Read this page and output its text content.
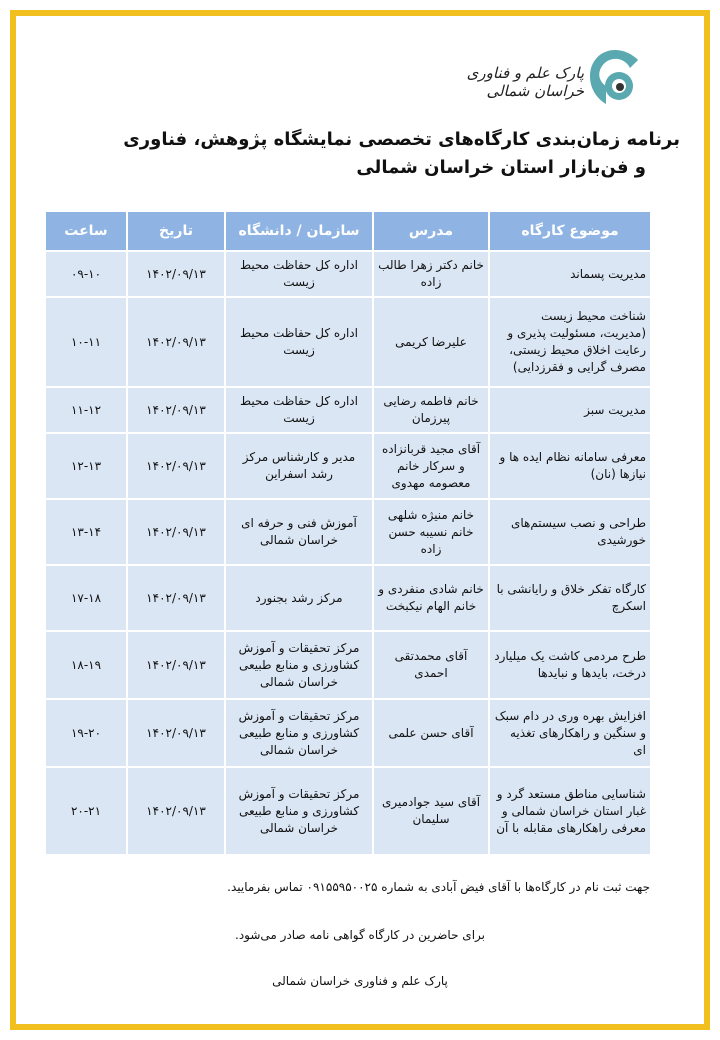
پارک علم و فناوری خراسان شمالی
برنامه زمان‌بندی کارگاه‌های تخصصی نمایشگاه پژوهش، فناوری
و فن‌بازار استان خراسان شمالی
موضوع کارگاه	مدرس	سازمان / دانشگاه	تاریخ	ساعت
مدیریت پسماند	خانم دکتر زهرا طالب زاده	اداره کل حفاظت محیط زیست	۱۴۰۲/۰۹/۱۳	۰۹-۱۰
شناخت محیط زیست (مدیریت، مسئولیت پذیری و رعایت اخلاق محیط زیستی، مصرف گرایی و فقرزدایی)	علیرضا کریمی	اداره کل حفاظت محیط زیست	۱۴۰۲/۰۹/۱۳	۱۰-۱۱
مدیریت سبز	خانم فاطمه رضایی پیرزمان	اداره کل حفاظت محیط زیست	۱۴۰۲/۰۹/۱۳	۱۱-۱۲
معرفی سامانه نظام ایده ها و نیازها (نان)	آقای مجید قربانزاده و سرکار خانم معصومه مهدوی	مدیر و کارشناس مرکز رشد اسفراین	۱۴۰۲/۰۹/۱۳	۱۲-۱۳
طراحی و نصب سیستم‌های خورشیدی	خانم منیژه شلهی خانم نسیبه حسن زاده	آموزش فنی و حرفه ای خراسان شمالی	۱۴۰۲/۰۹/۱۳	۱۳-۱۴
کارگاه تفکر خلاق و رایانشی با اسکرچ	خانم شادی منفردی و خانم الهام نیکبخت	مرکز رشد بجنورد	۱۴۰۲/۰۹/۱۳	۱۷-۱۸
طرح مردمی کاشت یک میلیارد درخت، بایدها و نبایدها	آقای محمدتقی احمدی	مرکز تحقیقات و آموزش کشاورزی و منابع طبیعی خراسان شمالی	۱۴۰۲/۰۹/۱۳	۱۸-۱۹
افزایش بهره وری در دام سبک و سنگین و راهکارهای تغذیه ای	آقای حسن علمی	مرکز تحقیقات و آموزش کشاورزی و منابع طبیعی خراسان شمالی	۱۴۰۲/۰۹/۱۳	۱۹-۲۰
شناسایی مناطق مستعد گرد و غبار استان خراسان شمالی و معرفی راهکارهای مقابله با آن	آقای سید جوادمیری سلیمان	مرکز تحقیقات و آموزش کشاورزی و منابع طبیعی خراسان شمالی	۱۴۰۲/۰۹/۱۳	۲۰-۲۱
جهت ثبت نام در کارگاه‌ها با آقای فیض آبادی به شماره ۰۹۱۵۵۹۵۰۰۲۵ تماس بفرمایید.
برای حاضرین در کارگاه گواهی نامه صادر می‌شود.
پارک علم و فناوری خراسان شمالی
